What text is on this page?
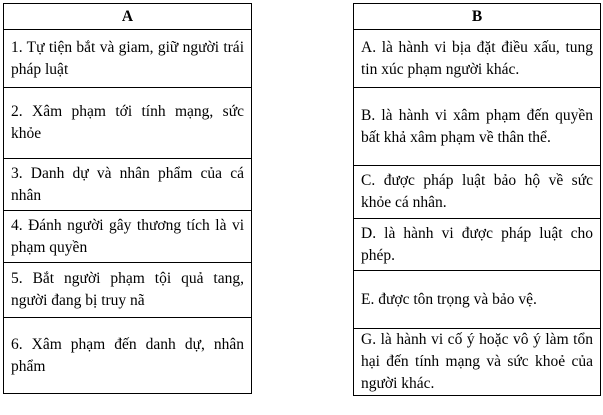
A
1. Tự tiện bắt và giam, giữ người trái pháp luật
2. Xâm phạm tới tính mạng, sức khỏe
3. Danh dự và nhân phẩm của cá nhân
4. Đánh người gây thương tích là vi phạm quyền
5. Bắt người phạm tội quả tang, người đang bị truy nã
6. Xâm phạm đến danh dự, nhân phẩm
B
A. là hành vi bịa đặt điều xấu, tung tin xúc phạm người khác.
B. là hành vi xâm phạm đến quyền bất khả xâm phạm về thân thể.
C. được pháp luật bảo hộ về sức khỏe cá nhân.
D. là hành vi được pháp luật cho phép.
E. được tôn trọng và bảo vệ.
G. là hành vi cố ý hoặc vô ý làm tổn hại đến tính mạng và sức khoẻ của người khác.
